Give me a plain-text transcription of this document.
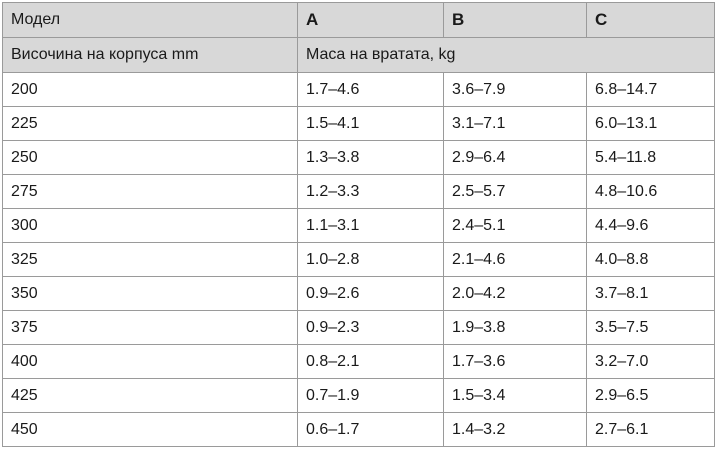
Модел	A	B	C
Височина на корпуса mm	Маса на вратата, kg		
200	1.7–4.6	3.6–7.9	6.8–14.7
225	1.5–4.1	3.1–7.1	6.0–13.1
250	1.3–3.8	2.9–6.4	5.4–11.8
275	1.2–3.3	2.5–5.7	4.8–10.6
300	1.1–3.1	2.4–5.1	4.4–9.6
325	1.0–2.8	2.1–4.6	4.0–8.8
350	0.9–2.6	2.0–4.2	3.7–8.1
375	0.9–2.3	1.9–3.8	3.5–7.5
400	0.8–2.1	1.7–3.6	3.2–7.0
425	0.7–1.9	1.5–3.4	2.9–6.5
450	0.6–1.7	1.4–3.2	2.7–6.1
